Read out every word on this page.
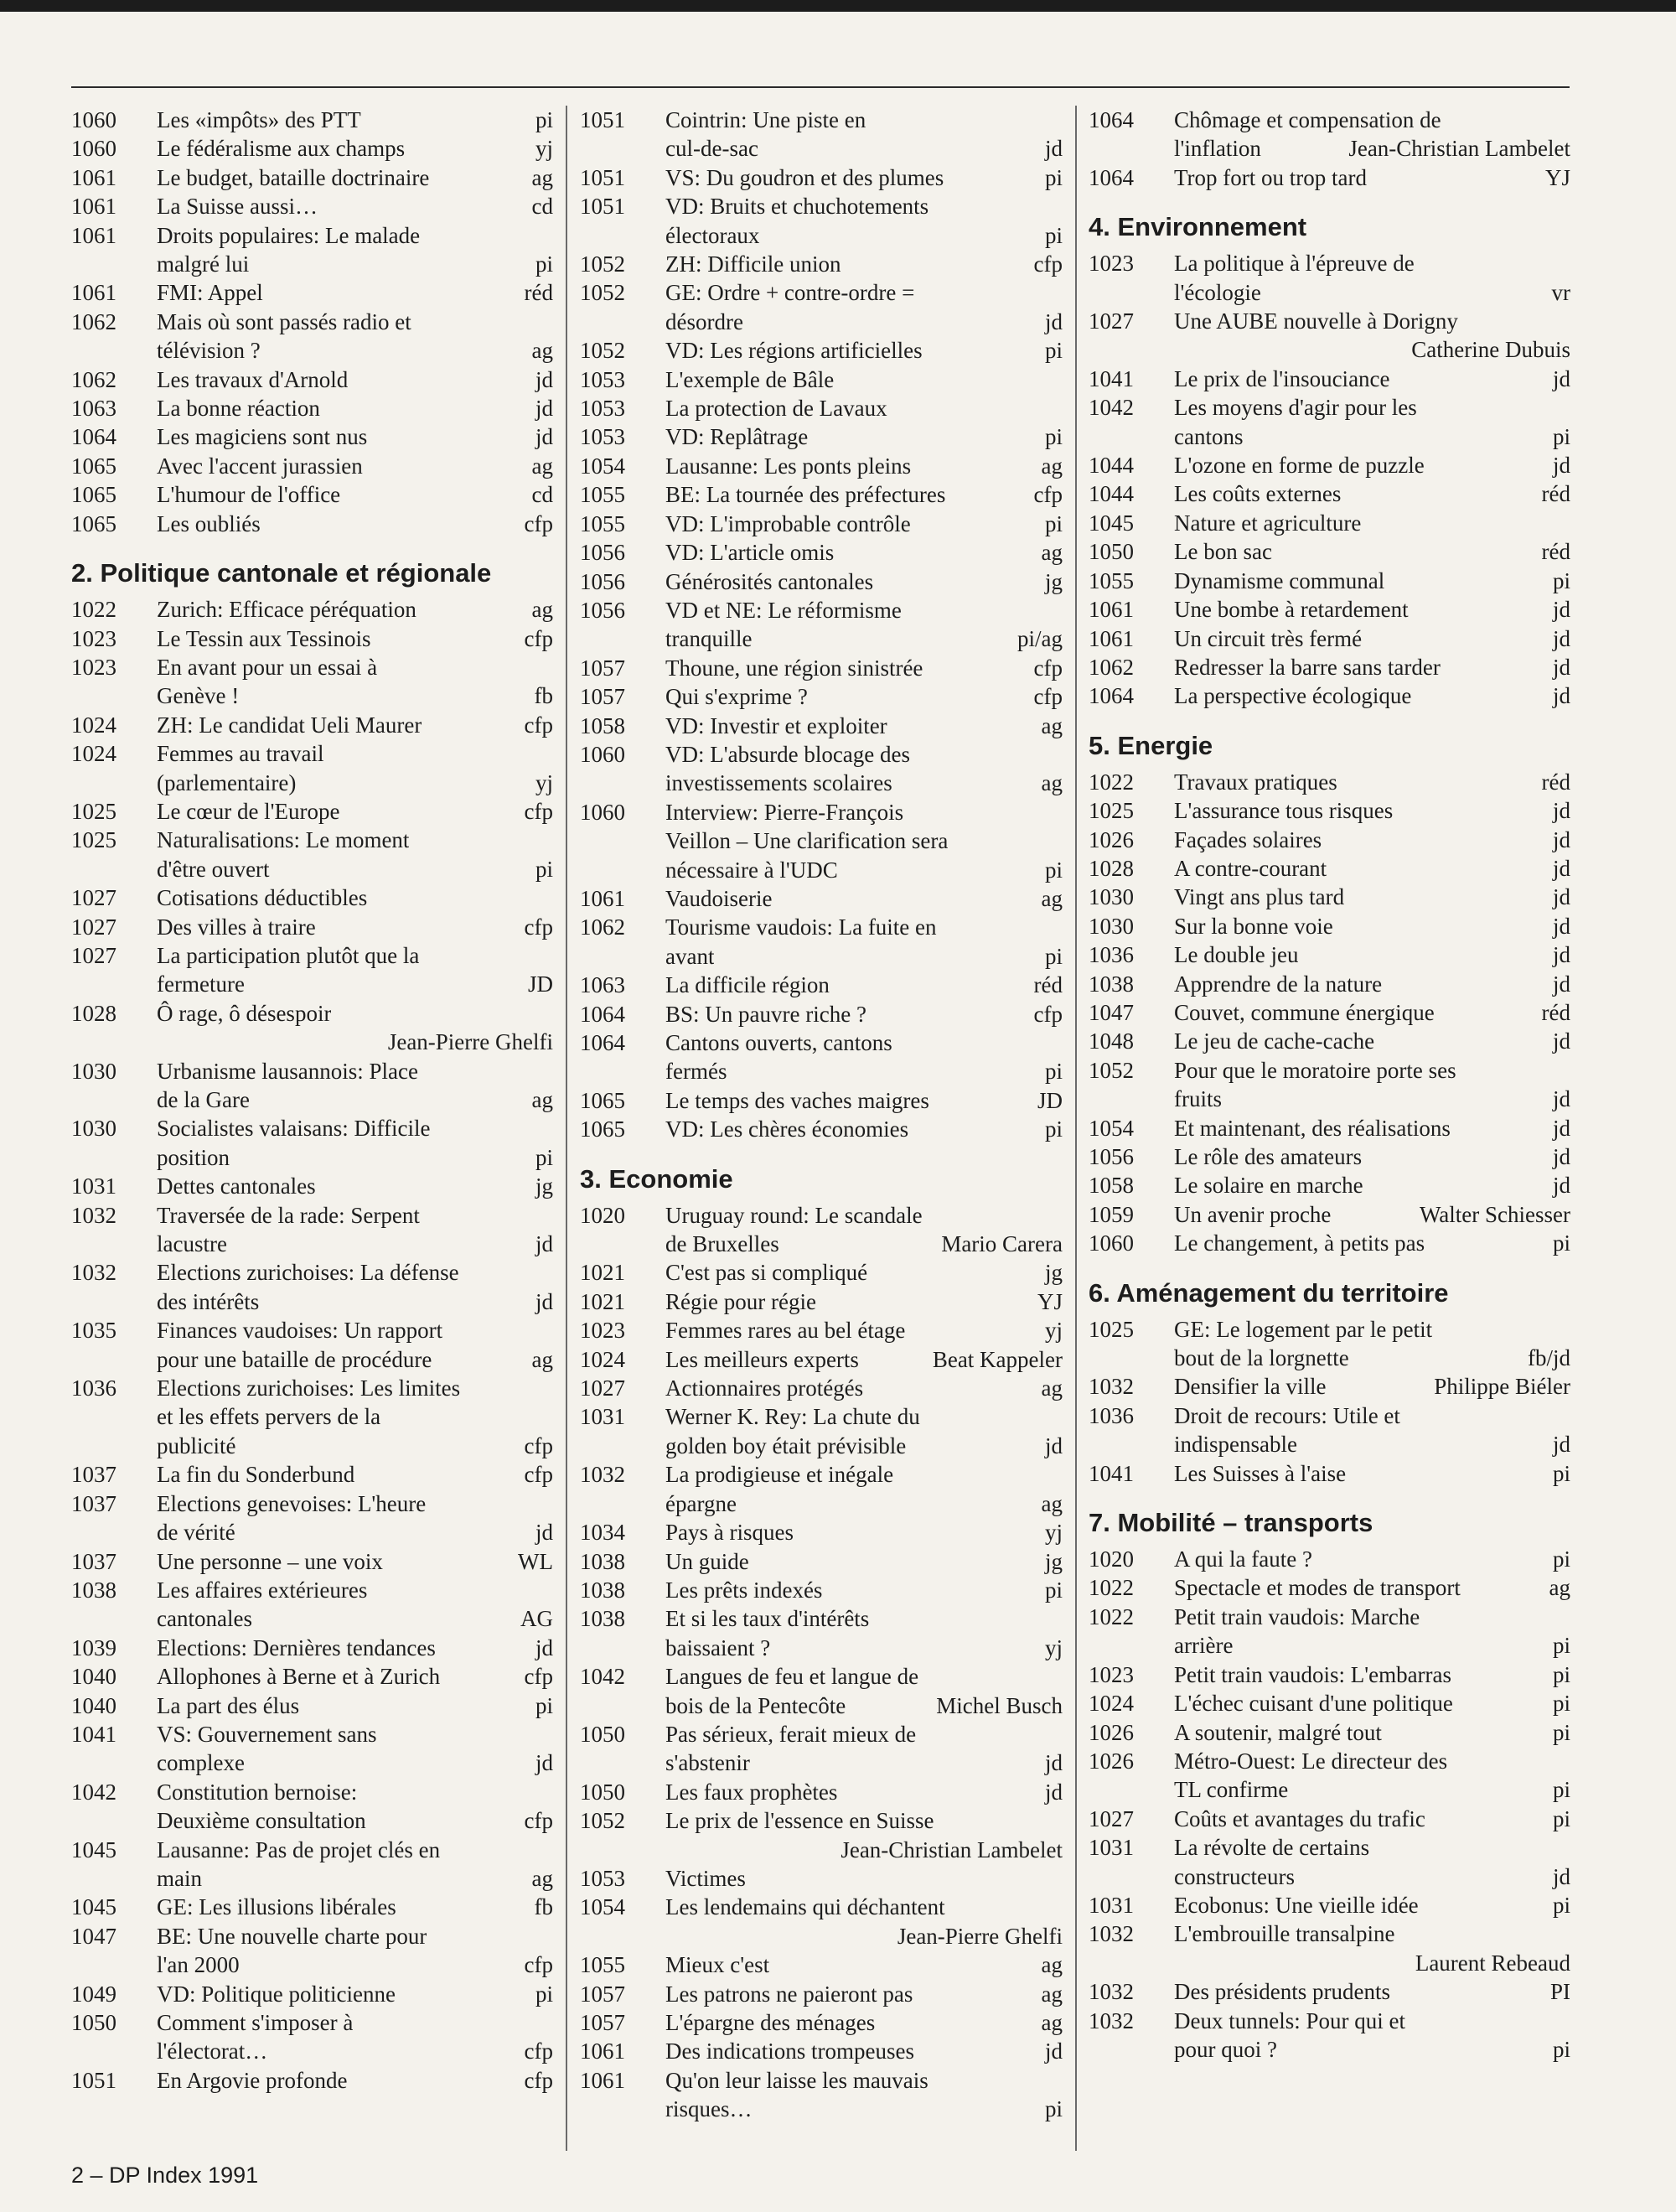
1060	Les «impôts» des PTT	pi
1060	Le fédéralisme aux champs	yj
1061	Le budget, bataille doctrinaire	ag
1061	La Suisse aussi…	cd
1061	Droits populaires: Le malade
malgré lui	pi
1061	FMI: Appel	réd
1062	Mais où sont passés radio et
télévision ?	ag
1062	Les travaux d'Arnold	jd
1063	La bonne réaction	jd
1064	Les magiciens sont nus	jd
1065	Avec l'accent jurassien	ag
1065	L'humour de l'office	cd
1065	Les oubliés	cfp
2. Politique cantonale et régionale
1022	Zurich: Efficace péréquation	ag
1023	Le Tessin aux Tessinois	cfp
1023	En avant pour un essai à
Genève !	fb
1024	ZH: Le candidat Ueli Maurer	cfp
1024	Femmes au travail
(parlementaire)	yj
1025	Le cœur de l'Europe	cfp
1025	Naturalisations: Le moment
d'être ouvert	pi
1027	Cotisations déductibles
1027	Des villes à traire	cfp
1027	La participation plutôt que la
fermeture	JD
1028	Ô rage, ô désespoir
Jean-Pierre Ghelfi
1030	Urbanisme lausannois: Place
de la Gare	ag
1030	Socialistes valaisans: Difficile
position	pi
1031	Dettes cantonales	jg
1032	Traversée de la rade: Serpent
lacustre	jd
1032	Elections zurichoises: La défense
des intérêts	jd
1035	Finances vaudoises: Un rapport
pour une bataille de procédure	ag
1036	Elections zurichoises: Les limites
et les effets pervers de la
publicité	cfp
1037	La fin du Sonderbund	cfp
1037	Elections genevoises: L'heure
de vérité	jd
1037	Une personne – une voix	WL
1038	Les affaires extérieures
cantonales	AG
1039	Elections: Dernières tendances	jd
1040	Allophones à Berne et à Zurich	cfp
1040	La part des élus	pi
1041	VS: Gouvernement sans
complexe	jd
1042	Constitution bernoise:
Deuxième consultation	cfp
1045	Lausanne: Pas de projet clés en
main	ag
1045	GE: Les illusions libérales	fb
1047	BE: Une nouvelle charte pour
l'an 2000	cfp
1049	VD: Politique politicienne	pi
1050	Comment s'imposer à
l'électorat…	cfp
1051	En Argovie profonde	cfp
1051	Cointrin: Une piste en
cul-de-sac	jd
1051	VS: Du goudron et des plumes	pi
1051	VD: Bruits et chuchotements
électoraux	pi
1052	ZH: Difficile union	cfp
1052	GE: Ordre + contre-ordre =
désordre	jd
1052	VD: Les régions artificielles	pi
1053	L'exemple de Bâle
1053	La protection de Lavaux
1053	VD: Replâtrage	pi
1054	Lausanne: Les ponts pleins	ag
1055	BE: La tournée des préfectures	cfp
1055	VD: L'improbable contrôle	pi
1056	VD: L'article omis	ag
1056	Générosités cantonales	jg
1056	VD et NE: Le réformisme
tranquille	pi/ag
1057	Thoune, une région sinistrée	cfp
1057	Qui s'exprime ?	cfp
1058	VD: Investir et exploiter	ag
1060	VD: L'absurde blocage des
investissements scolaires	ag
1060	Interview: Pierre-François
Veillon – Une clarification sera
nécessaire à l'UDC	pi
1061	Vaudoiserie	ag
1062	Tourisme vaudois: La fuite en
avant	pi
1063	La difficile région	réd
1064	BS: Un pauvre riche ?	cfp
1064	Cantons ouverts, cantons
fermés	pi
1065	Le temps des vaches maigres	JD
1065	VD: Les chères économies	pi
3. Economie
1020	Uruguay round: Le scandale
de Bruxelles	Mario Carera
1021	C'est pas si compliqué	jg
1021	Régie pour régie	YJ
1023	Femmes rares au bel étage	yj
1024	Les meilleurs experts	Beat Kappeler
1027	Actionnaires protégés	ag
1031	Werner K. Rey: La chute du
golden boy était prévisible	jd
1032	La prodigieuse et inégale
épargne	ag
1034	Pays à risques	yj
1038	Un guide	jg
1038	Les prêts indexés	pi
1038	Et si les taux d'intérêts
baissaient ?	yj
1042	Langues de feu et langue de
bois de la Pentecôte	Michel Busch
1050	Pas sérieux, ferait mieux de
s'abstenir	jd
1050	Les faux prophètes	jd
1052	Le prix de l'essence en Suisse
Jean-Christian Lambelet
1053	Victimes
1054	Les lendemains qui déchantent
Jean-Pierre Ghelfi
1055	Mieux c'est	ag
1057	Les patrons ne paieront pas	ag
1057	L'épargne des ménages	ag
1061	Des indications trompeuses	jd
1061	Qu'on leur laisse les mauvais
risques…	pi
1064	Chômage et compensation de
l'inflation	Jean-Christian Lambelet
1064	Trop fort ou trop tard	YJ
4. Environnement
1023	La politique à l'épreuve de
l'écologie	vr
1027	Une AUBE nouvelle à Dorigny
Catherine Dubuis
1041	Le prix de l'insouciance	jd
1042	Les moyens d'agir pour les
cantons	pi
1044	L'ozone en forme de puzzle	jd
1044	Les coûts externes	réd
1045	Nature et agriculture
1050	Le bon sac	réd
1055	Dynamisme communal	pi
1061	Une bombe à retardement	jd
1061	Un circuit très fermé	jd
1062	Redresser la barre sans tarder	jd
1064	La perspective écologique	jd
5. Energie
1022	Travaux pratiques	réd
1025	L'assurance tous risques	jd
1026	Façades solaires	jd
1028	A contre-courant	jd
1030	Vingt ans plus tard	jd
1030	Sur la bonne voie	jd
1036	Le double jeu	jd
1038	Apprendre de la nature	jd
1047	Couvet, commune énergique	réd
1048	Le jeu de cache-cache	jd
1052	Pour que le moratoire porte ses
fruits	jd
1054	Et maintenant, des réalisations	jd
1056	Le rôle des amateurs	jd
1058	Le solaire en marche	jd
1059	Un avenir proche	Walter Schiesser
1060	Le changement, à petits pas	pi
6. Aménagement du territoire
1025	GE: Le logement par le petit
bout de la lorgnette	fb/jd
1032	Densifier la ville	Philippe Biéler
1036	Droit de recours: Utile et
indispensable	jd
1041	Les Suisses à l'aise	pi
7. Mobilité – transports
1020	A qui la faute ?	pi
1022	Spectacle et modes de transport	ag
1022	Petit train vaudois: Marche
arrière	pi
1023	Petit train vaudois: L'embarras	pi
1024	L'échec cuisant d'une politique	pi
1026	A soutenir, malgré tout	pi
1026	Métro-Ouest: Le directeur des
TL confirme	pi
1027	Coûts et avantages du trafic	pi
1031	La révolte de certains
constructeurs	jd
1031	Ecobonus: Une vieille idée	pi
1032	L'embrouille transalpine
Laurent Rebeaud
1032	Des présidents prudents	PI
1032	Deux tunnels: Pour qui et
pour quoi ?	pi
2 – DP Index 1991
